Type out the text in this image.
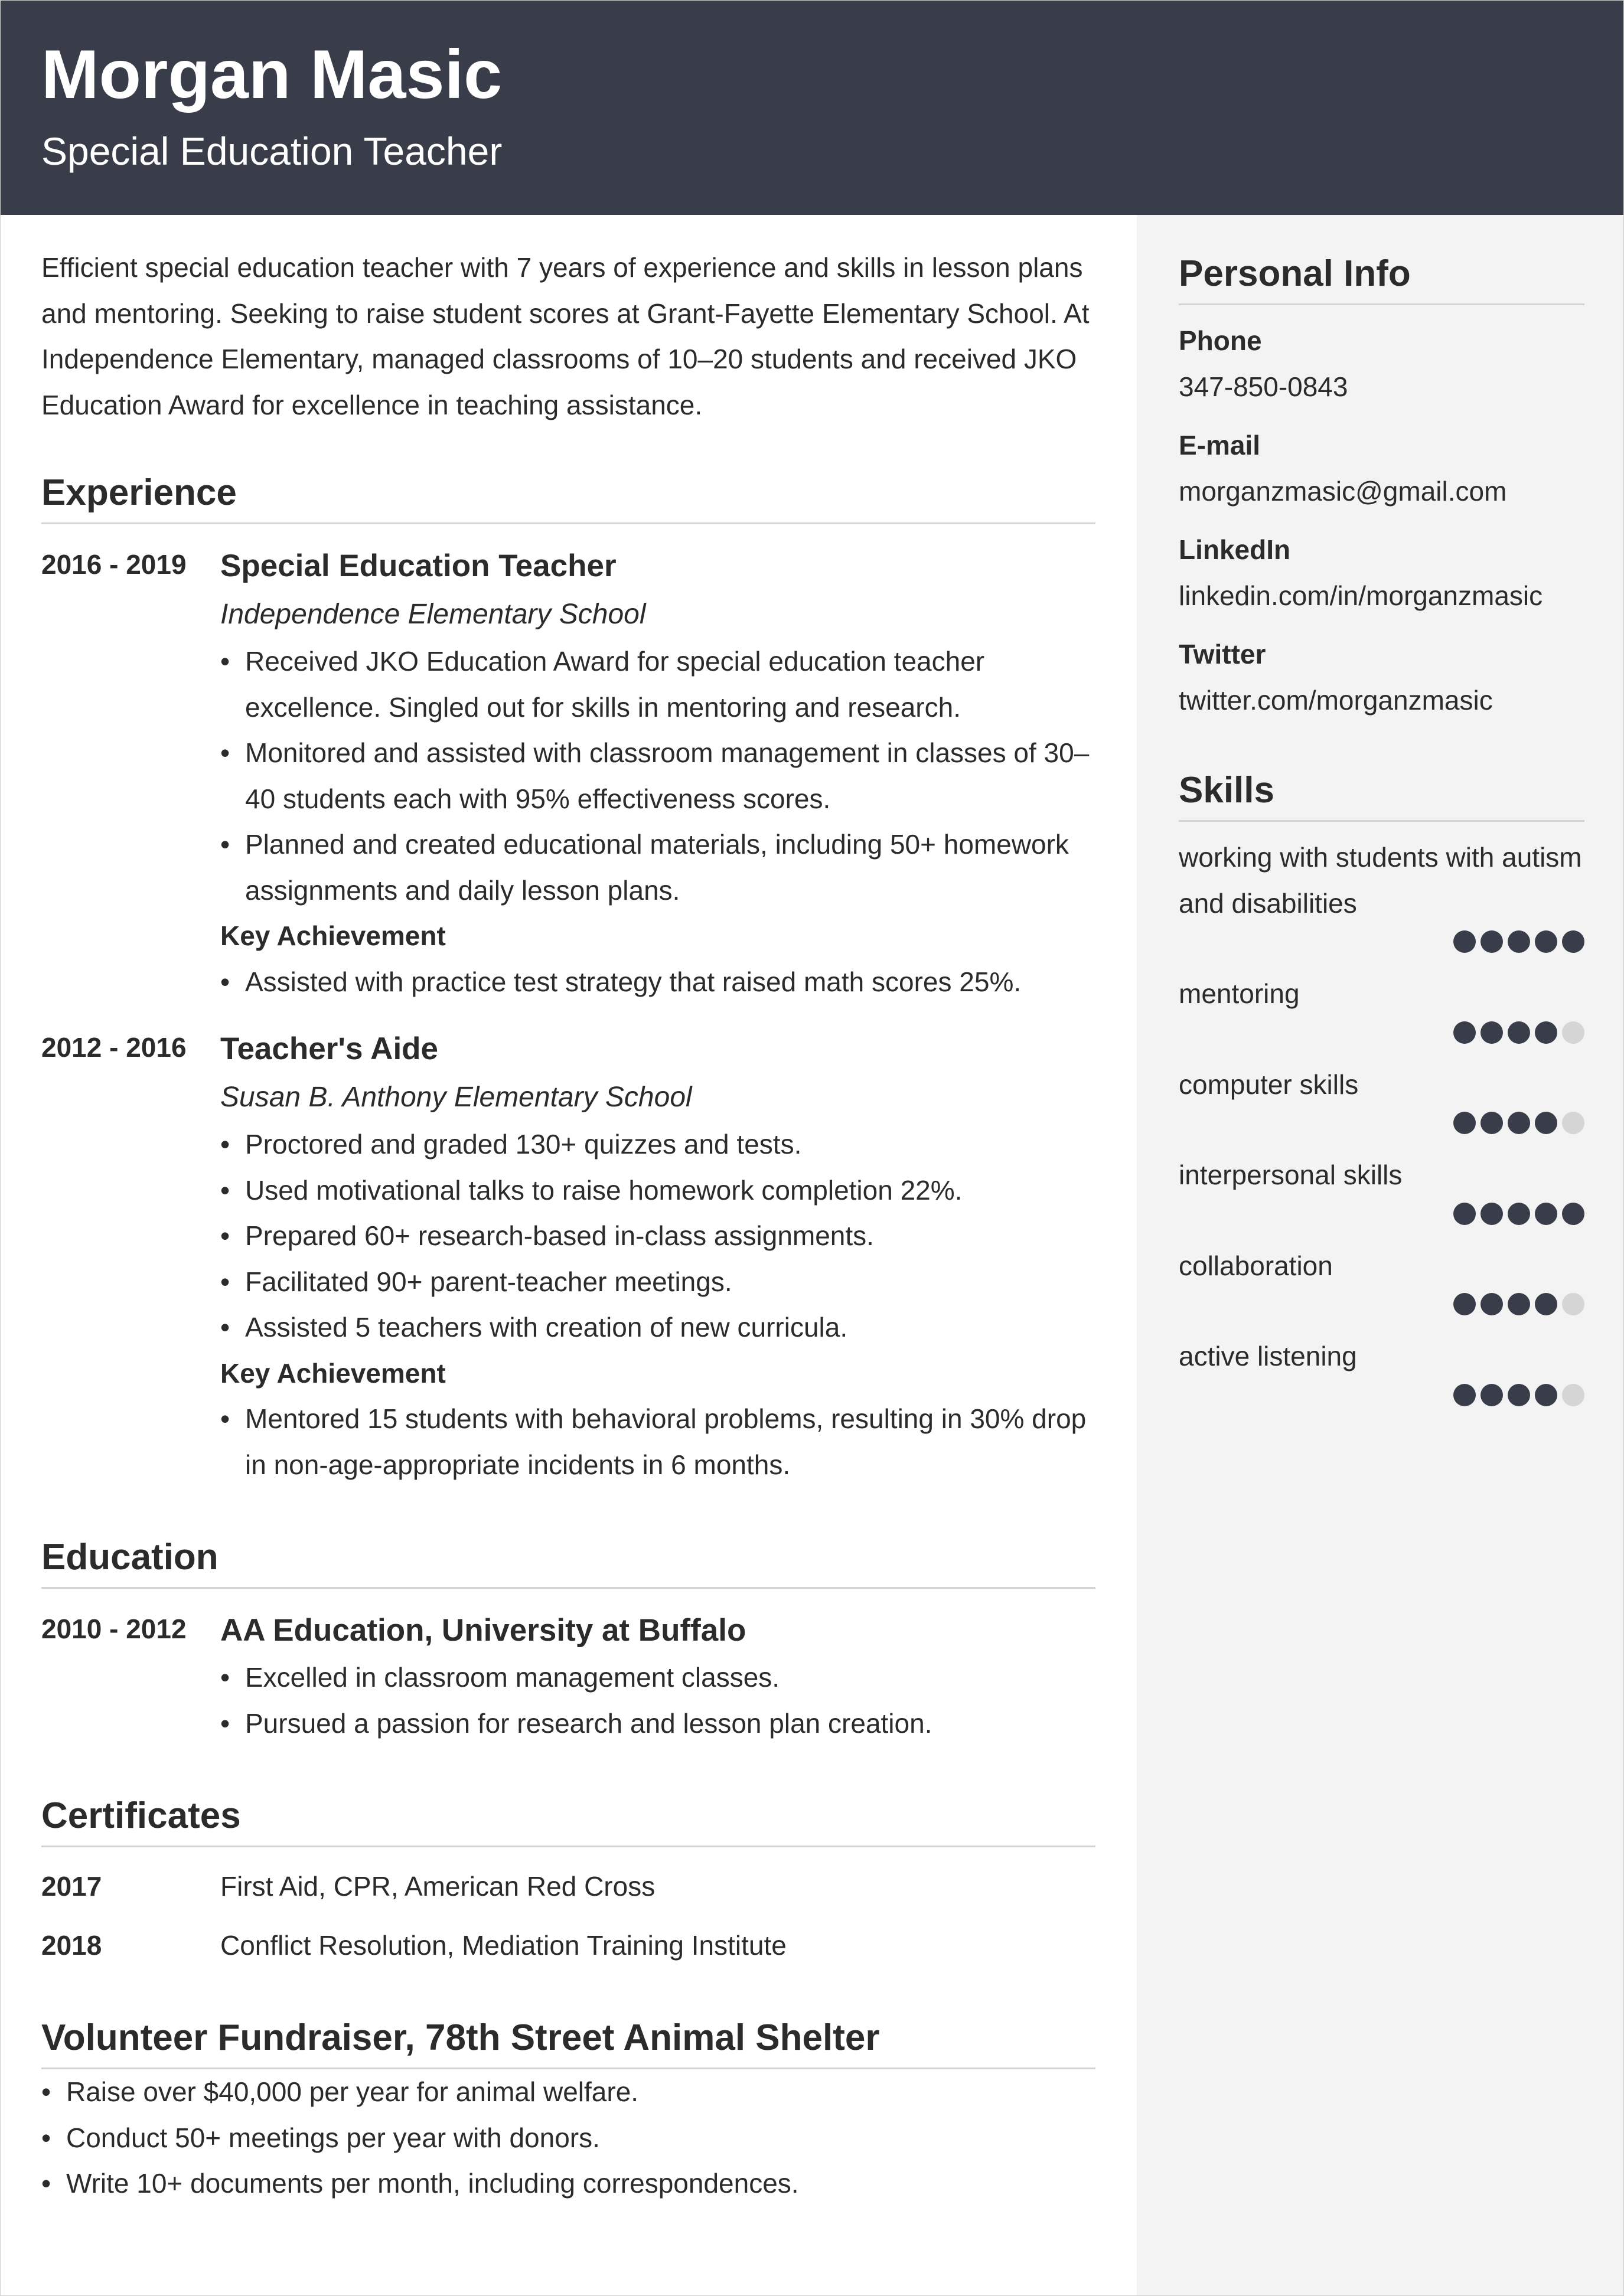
Morgan Masic
Special Education Teacher
Personal Info
Phone
347-850-0843
E-mail
morganzmasic@gmail.com
LinkedIn
linkedin.com/in/morganzmasic
Twitter
twitter.com/morganzmasic
Skills
working with students with autism and disabilities
mentoring
computer skills
interpersonal skills
collaboration
active listening

Efficient special education teacher with 7 years of experience and skills in lesson plans and mentoring. Seeking to raise student scores at Grant-Fayette Elementary School. At Independence Elementary, managed classrooms of 10–20 students and received JKO Education Award for excellence in teaching assistance.

Experience
2016 - 2019	Special Education Teacher
Independence Elementary School
• Received JKO Education Award for special education teacher excellence. Singled out for skills in mentoring and research.
• Monitored and assisted with classroom management in classes of 30–40 students each with 95% effectiveness scores.
• Planned and created educational materials, including 50+ homework assignments and daily lesson plans.
Key Achievement
• Assisted with practice test strategy that raised math scores 25%.
2012 - 2016	Teacher's Aide
Susan B. Anthony Elementary School
• Proctored and graded 130+ quizzes and tests.
• Used motivational talks to raise homework completion 22%.
• Prepared 60+ research-based in-class assignments.
• Facilitated 90+ parent-teacher meetings.
• Assisted 5 teachers with creation of new curricula.
Key Achievement
• Mentored 15 students with behavioral problems, resulting in 30% drop in non-age-appropriate incidents in 6 months.
Education
2010 - 2012	AA Education, University at Buffalo
• Excelled in classroom management classes.
• Pursued a passion for research and lesson plan creation.
Certificates
2017	First Aid, CPR, American Red Cross
2018	Conflict Resolution, Mediation Training Institute
Volunteer Fundraiser, 78th Street Animal Shelter
• Raise over $40,000 per year for animal welfare.
• Conduct 50+ meetings per year with donors.
• Write 10+ documents per month, including correspondences.
